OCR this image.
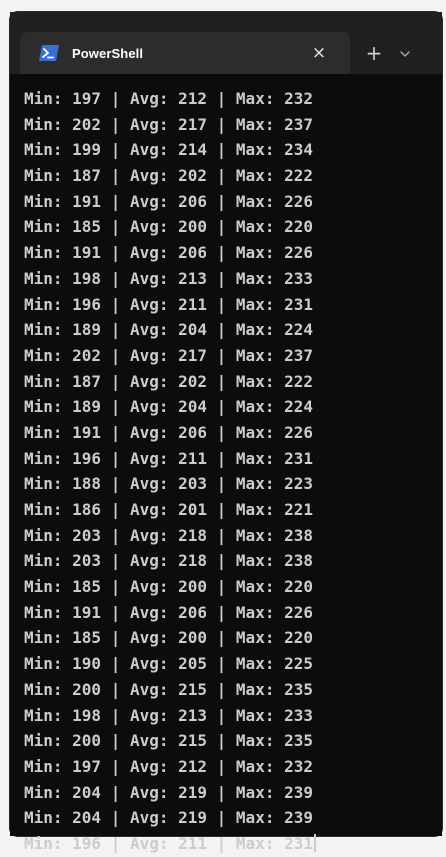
PowerShell	× +
Min: 197 | Avg: 212 | Max: 232
Min: 202 | Avg: 217 | Max: 237
Min: 199 | Avg: 214 | Max: 234
Min: 187 | Avg: 202 | Max: 222
Min: 191 | Avg: 206 | Max: 226
Min: 185 | Avg: 200 | Max: 220
Min: 191 | Avg: 206 | Max: 226
Min: 198 | Avg: 213 | Max: 233
Min: 196 | Avg: 211 | Max: 231
Min: 189 | Avg: 204 | Max: 224
Min: 202 | Avg: 217 | Max: 237
Min: 187 | Avg: 202 | Max: 222
Min: 189 | Avg: 204 | Max: 224
Min: 191 | Avg: 206 | Max: 226
Min: 196 | Avg: 211 | Max: 231
Min: 188 | Avg: 203 | Max: 223
Min: 186 | Avg: 201 | Max: 221
Min: 203 | Avg: 218 | Max: 238
Min: 203 | Avg: 218 | Max: 238
Min: 185 | Avg: 200 | Max: 220
Min: 191 | Avg: 206 | Max: 226
Min: 185 | Avg: 200 | Max: 220
Min: 190 | Avg: 205 | Max: 225
Min: 200 | Avg: 215 | Max: 235
Min: 198 | Avg: 213 | Max: 233
Min: 200 | Avg: 215 | Max: 235
Min: 197 | Avg: 212 | Max: 232
Min: 204 | Avg: 219 | Max: 239
Min: 204 | Avg: 219 | Max: 239
Min: 196 | Avg: 211 | Max: 231
